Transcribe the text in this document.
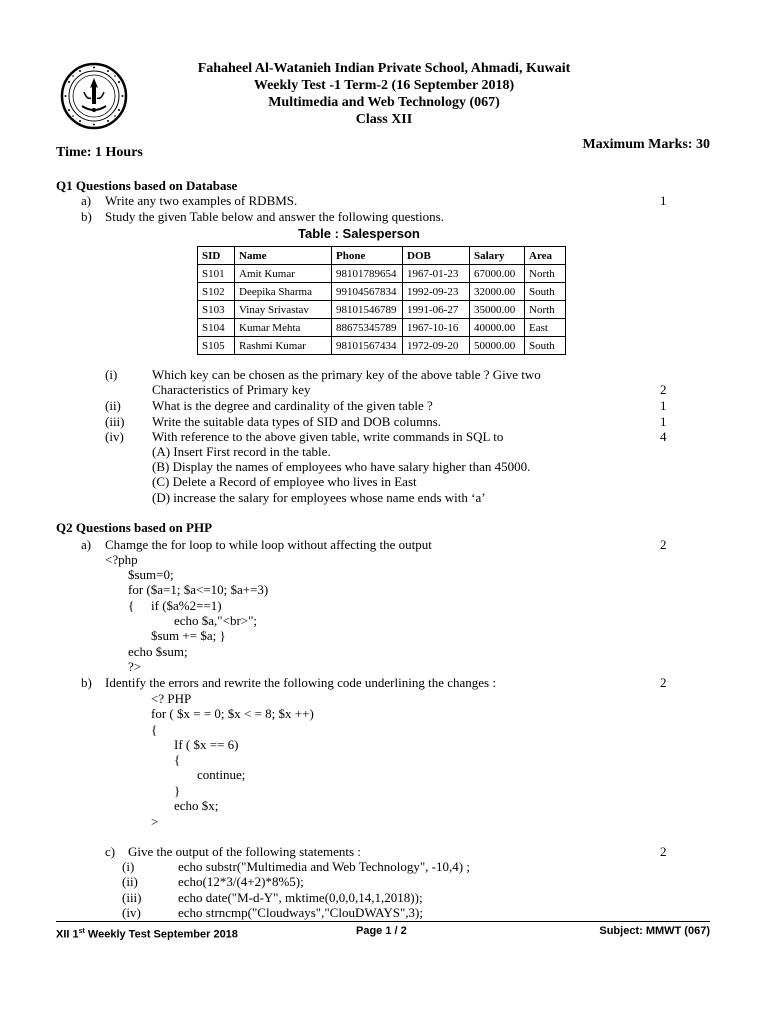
Fahaheel Al-Watanieh Indian Private School, Ahmadi, Kuwait
Weekly Test -1 Term-2 (16 September 2018)
Multimedia and Web Technology (067)
Class XII
Maximum Marks: 30
Time: 1 Hours
Q1 Questions based on Database
a) Write any two examples of RDBMS.	1
b) Study the given Table below and answer the following questions.
Table : Salesperson
SID	Name	Phone	DOB	Salary	Area
S101	Amit Kumar	98101789654	1967-01-23	67000.00	North
S102	Deepika Sharma	99104567834	1992-09-23	32000.00	South
S103	Vinay Srivastav	98101546789	1991-06-27	35000.00	North
S104	Kumar Mehta	88675345789	1967-10-16	40000.00	East
S105	Rashmi Kumar	98101567434	1972-09-20	50000.00	South
(i)	Which key can be chosen as the primary key of the above table ? Give two
Characteristics of Primary key	2
(ii) What is the degree and cardinality of the given table ?	1
(iii) Write the suitable data types of SID and DOB columns.	1
(iv) With reference to the above given table, write commands in SQL to	4
(A) Insert First record in the table.
(B) Display the names of employees who have salary higher than 45000.
(C) Delete a Record of employee who lives in East
(D) increase the salary for employees whose name ends with ‘a’
Q2 Questions based on PHP
a) Chamge the for loop to while loop without affecting the output	2
<?php
$sum=0;
for ($a=1; $a<=10; $a+=3)
{ if ($a%2==1)
echo $a,"<br>";
$sum += $a; }
echo $sum;
?>
b) Identify the errors and rewrite the following code underlining the changes :	2
<? PHP
for ( $x = = 0; $x < = 8; $x ++)
{
If ( $x == 6)
{
continue;
}
echo $x;
>
c) Give the output of the following statements :	2
(i)	echo substr("Multimedia and Web Technology", -10,4) ;
(ii)	echo(12*3/(4+2)*8%5);
(iii)	echo date("M-d-Y", mktime(0,0,0,14,1,2018));
(iv)	echo strncmp("Cloudways","ClouDWAYS",3);
XII 1st Weekly Test September 2018	Page 1 / 2	Subject: MMWT (067)
